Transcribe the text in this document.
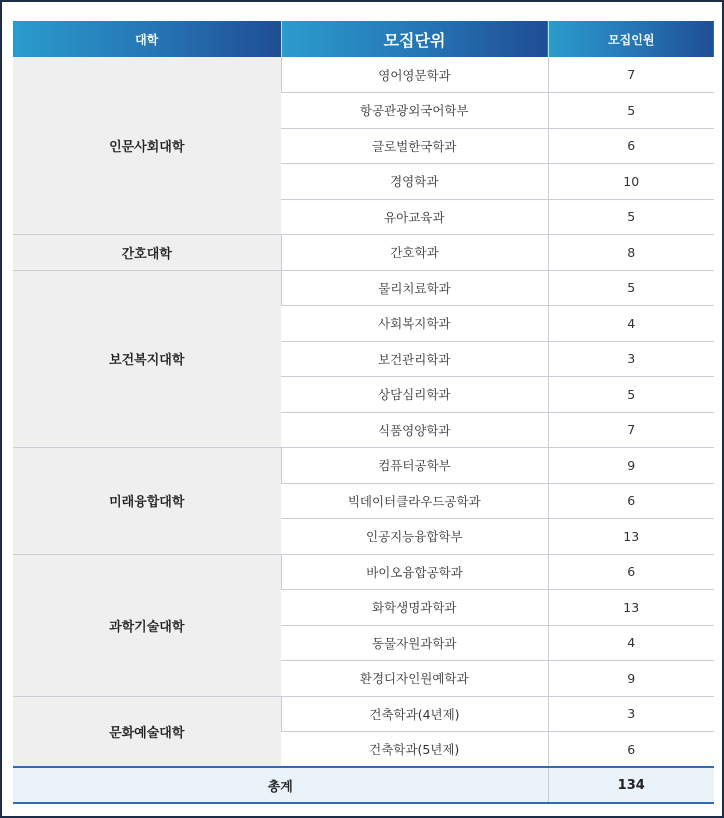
대학	모집단위	모집인원
인문사회대학	영어영문학과	7
	항공관광외국어학부	5
	글로벌한국학과	6
	경영학과	10
	유아교육과	5
간호대학	간호학과	8
보건복지대학	물리치료학과	5
	사회복지학과	4
	보건관리학과	3
	상담심리학과	5
	식품영양학과	7
미래융합대학	컴퓨터공학부	9
	빅데이터클라우드공학과	6
	인공지능융합학부	13
과학기술대학	바이오융합공학과	6
	화학생명과학과	13
	동물자원과학과	4
	환경디자인원예학과	9
문화예술대학	건축학과(4년제)	3
	건축학과(5년제)	6
총계		134
